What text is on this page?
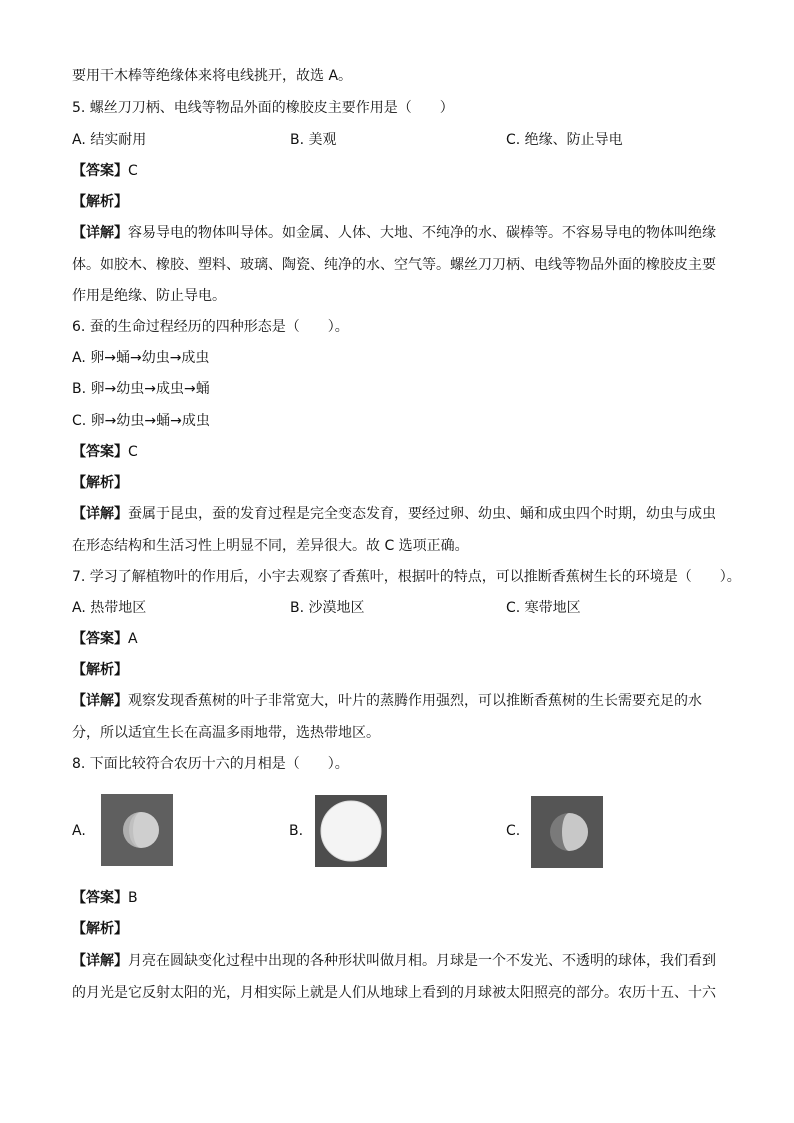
要用干木棒等绝缘体来将电线挑开，故选 A。
5. 螺丝刀刀柄、电线等物品外面的橡胶皮主要作用是（　　）
A. 结实耐用	B. 美观	C. 绝缘、防止导电
【答案】C
【解析】
【详解】容易导电的物体叫导体。如金属、人体、大地、不纯净的水、碳棒等。不容易导电的物体叫绝缘
体。如胶木、橡胶、塑料、玻璃、陶瓷、纯净的水、空气等。螺丝刀刀柄、电线等物品外面的橡胶皮主要
作用是绝缘、防止导电。
6. 蚕的生命过程经历的四种形态是（　　）。
A. 卵→蛹→幼虫→成虫
B. 卵→幼虫→成虫→蛹
C. 卵→幼虫→蛹→成虫
【答案】C
【解析】
【详解】蚕属于昆虫，蚕的发育过程是完全变态发育，要经过卵、幼虫、蛹和成虫四个时期，幼虫与成虫
在形态结构和生活习性上明显不同，差异很大。故 C 选项正确。
7. 学习了解植物叶的作用后，小宇去观察了香蕉叶，根据叶的特点，可以推断香蕉树生长的环境是（　　）。
A. 热带地区	B. 沙漠地区	C. 寒带地区
【答案】A
【解析】
【详解】观察发现香蕉树的叶子非常宽大，叶片的蒸腾作用强烈，可以推断香蕉树的生长需要充足的水
分，所以适宜生长在高温多雨地带，选热带地区。
8. 下面比较符合农历十六的月相是（　　）。
A.	B.	C.
【答案】B
【解析】
【详解】月亮在圆缺变化过程中出现的各种形状叫做月相。月球是一个不发光、不透明的球体，我们看到
的月光是它反射太阳的光，月相实际上就是人们从地球上看到的月球被太阳照亮的部分。农历十五、十六
